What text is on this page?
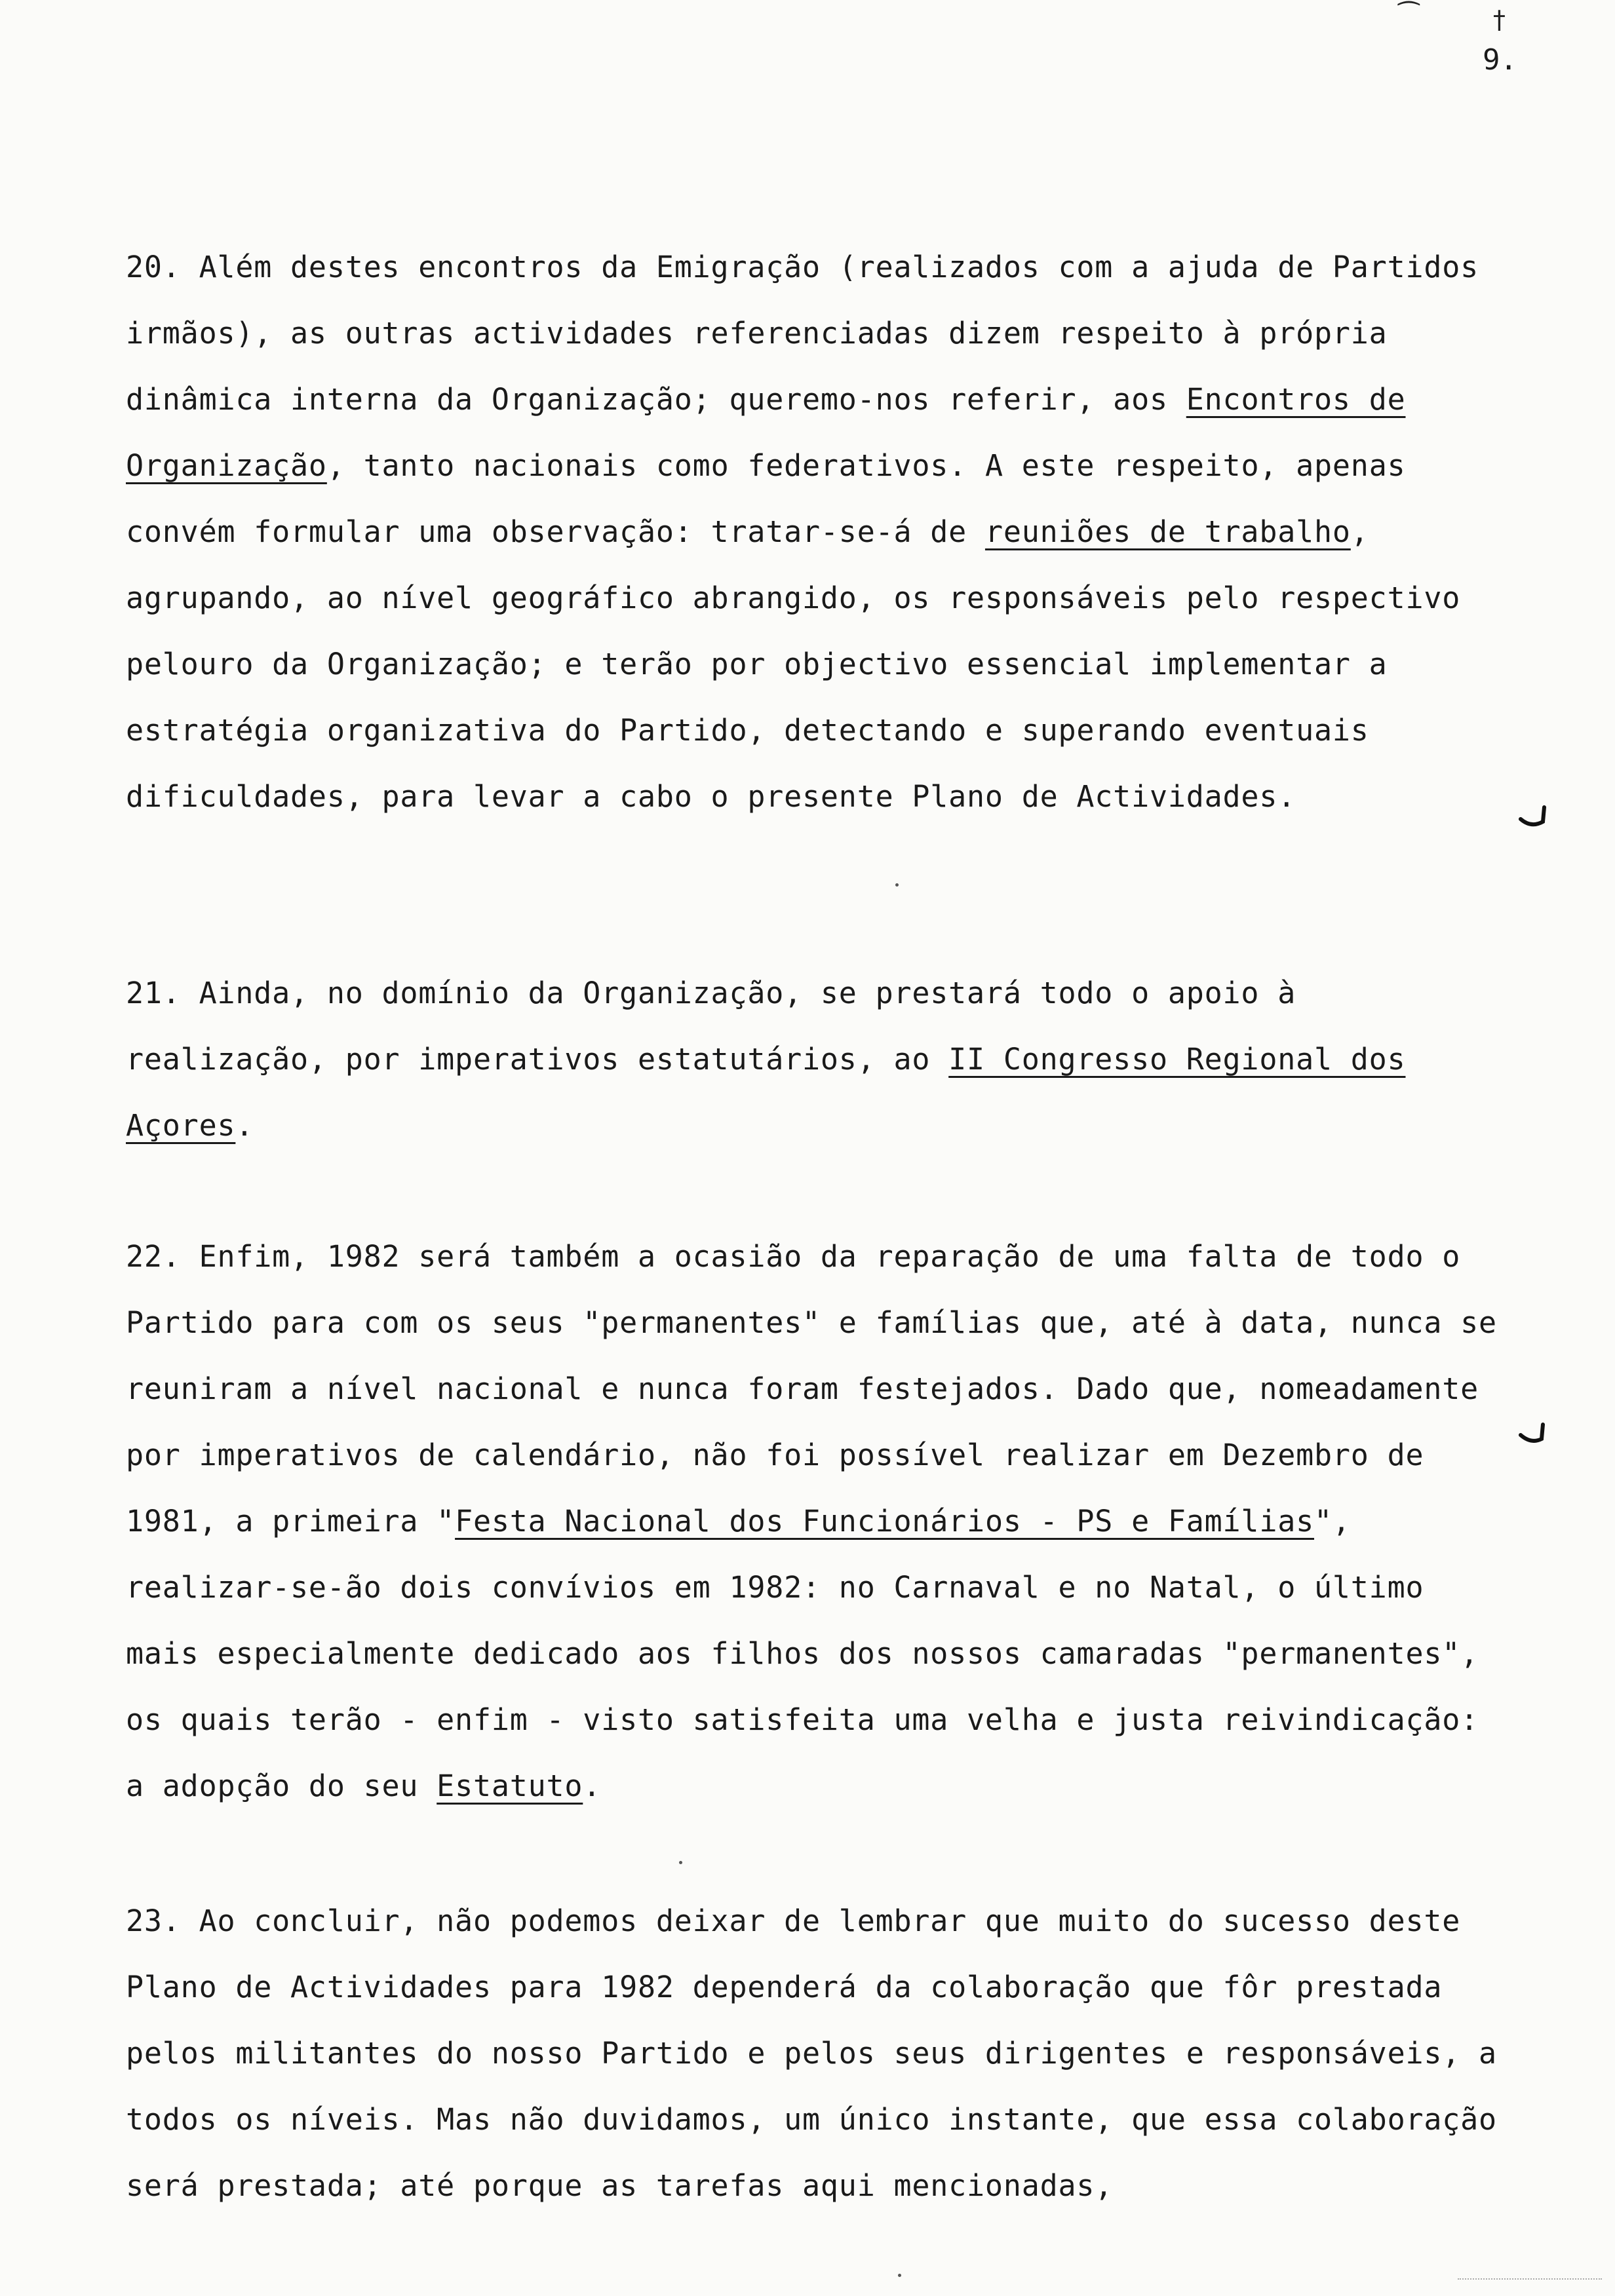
⁀	†
9.

20. Além destes encontros da Emigração (realizados com a ajuda de Partidos irmãos), as outras actividades referenciadas dizem respeito à própria dinâmica interna da Organização; queremo-nos referir, aos Encontros de Organização, tanto nacionais como federativos. A este respeito, apenas convém formular uma observação: tratar-se-á de reuniões de trabalho, agrupando, ao nível geográfico abrangido, os responsáveis pelo respectivo pelouro da Organização; e terão por objectivo essencial implementar a estratégia organizativa do Partido, detectando e superando eventuais dificuldades, para levar a cabo o presente Plano de Actividades.

21. Ainda, no domínio da Organização, se prestará todo o apoio à realização, por imperativos estatutários, ao II Congresso Regional dos Açores.

22. Enfim, 1982 será também a ocasião da reparação de uma falta de todo o Partido para com os seus "permanentes" e famílias que, até à data, nunca se reuniram a nível nacional e nunca foram festejados. Dado que, nomeadamente por imperativos de calendário, não foi possível realizar em Dezembro de 1981, a primeira "Festa Nacional dos Funcionários - PS e Famílias", realizar-se-ão dois convívios em 1982: no Carnaval e no Natal, o último mais especialmente dedicado aos filhos dos nossos camaradas "permanentes", os quais terão - enfim - visto satisfeita uma velha e justa reivindicação: a adopção do seu Estatuto.

23. Ao concluir, não podemos deixar de lembrar que muito do sucesso deste Plano de Actividades para 1982 dependerá da colaboração que fôr prestada pelos militantes do nosso Partido e pelos seus dirigentes e responsáveis, a todos os níveis. Mas não duvidamos, um único instante, que essa colaboração será prestada; até porque as tarefas aqui mencionadas,
